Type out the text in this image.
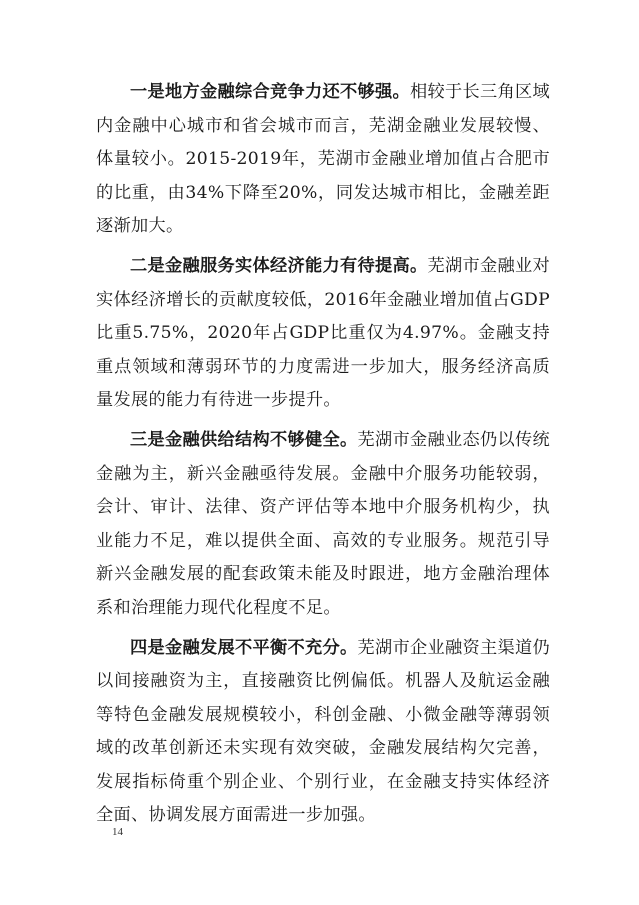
一是地方金融综合竞争力还不够强。相较于长三角区域内金融中心城市和省会城市而言，芜湖金融业发展较慢、体量较小。2015-2019年，芜湖市金融业增加值占合肥市的比重，由34%下降至20%，同发达城市相比，金融差距逐渐加大。

二是金融服务实体经济能力有待提高。芜湖市金融业对实体经济增长的贡献度较低，2016年金融业增加值占GDP比重5.75%，2020年占GDP比重仅为4.97%。金融支持重点领域和薄弱环节的力度需进一步加大，服务经济高质量发展的能力有待进一步提升。

三是金融供给结构不够健全。芜湖市金融业态仍以传统金融为主，新兴金融亟待发展。金融中介服务功能较弱，会计、审计、法律、资产评估等本地中介服务机构少，执业能力不足，难以提供全面、高效的专业服务。规范引导新兴金融发展的配套政策未能及时跟进，地方金融治理体系和治理能力现代化程度不足。

四是金融发展不平衡不充分。芜湖市企业融资主渠道仍以间接融资为主，直接融资比例偏低。机器人及航运金融等特色金融发展规模较小，科创金融、小微金融等薄弱领域的改革创新还未实现有效突破，金融发展结构欠完善，发展指标倚重个别企业、个别行业，在金融支持实体经济全面、协调发展方面需进一步加强。

14
